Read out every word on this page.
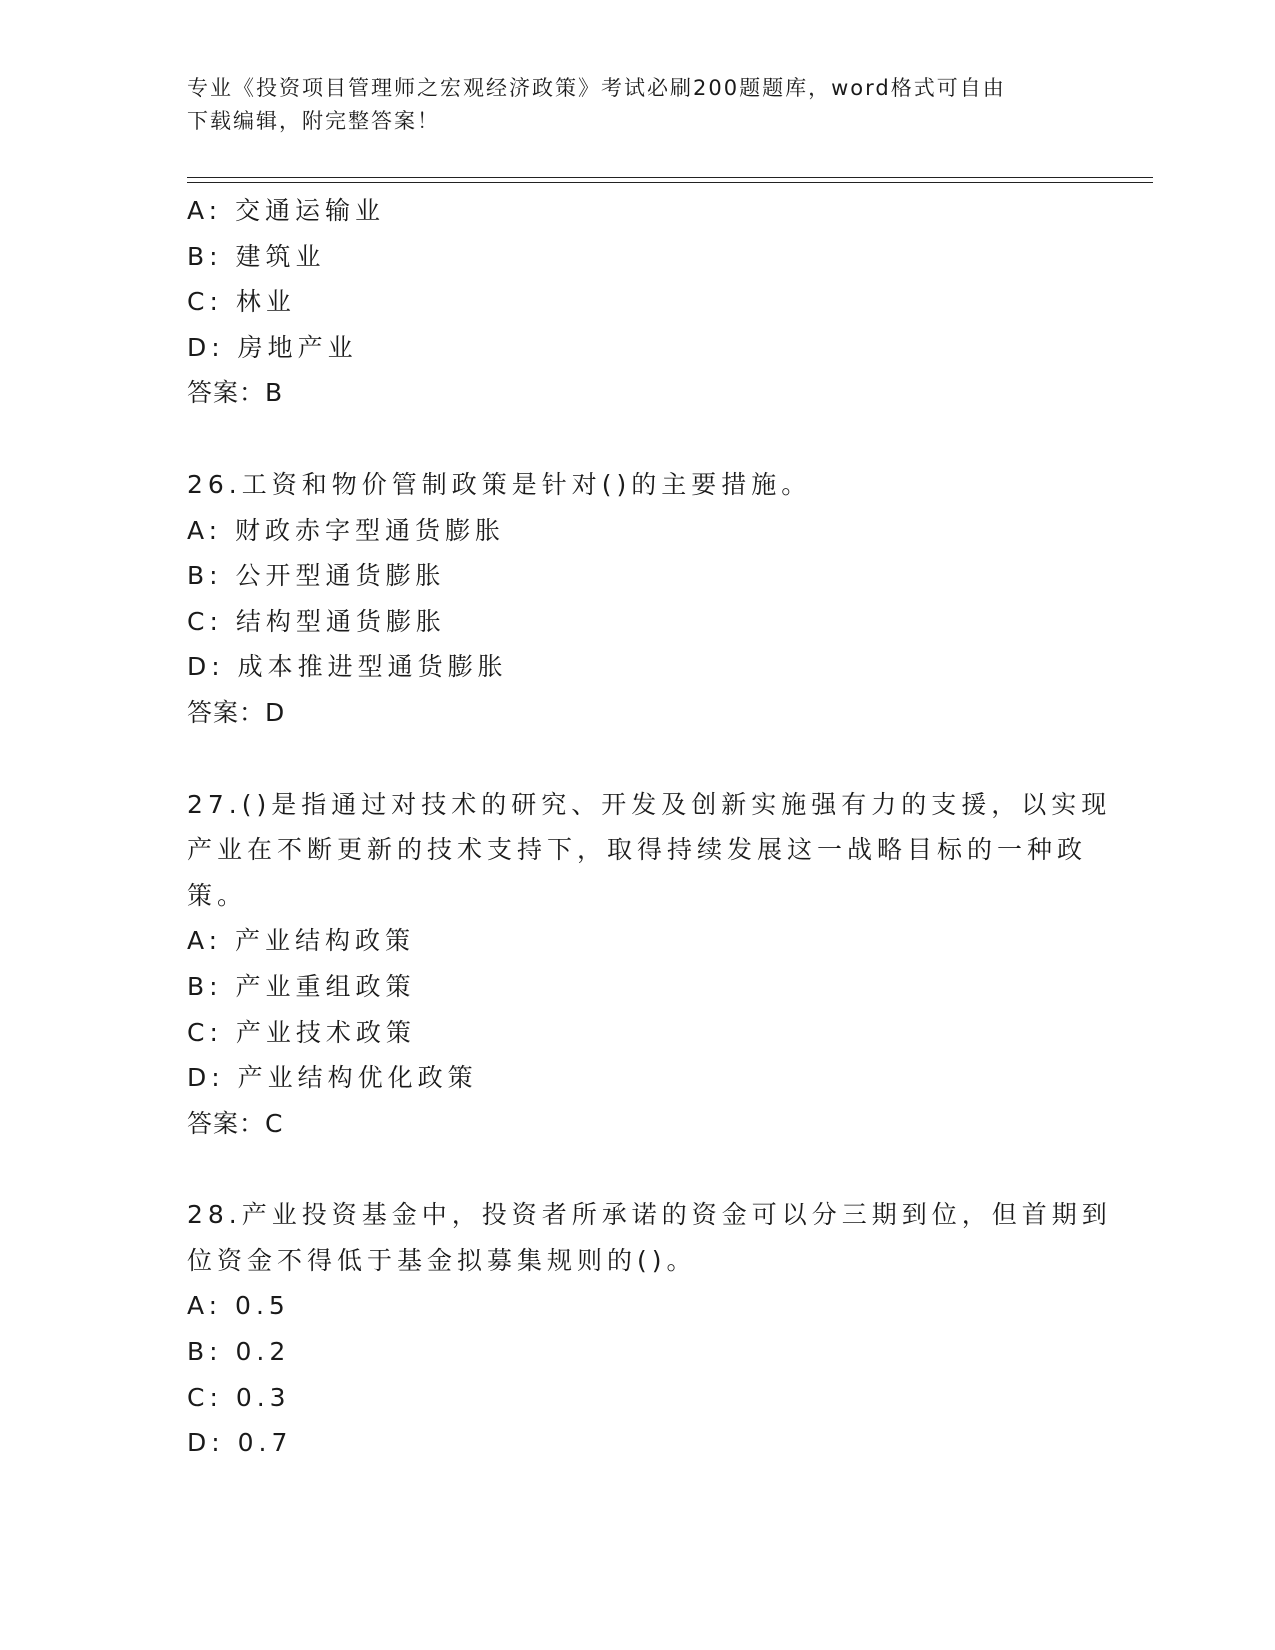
专业《投资项目管理师之宏观经济政策》考试必刷200题题库，word格式可自由
下载编辑，附完整答案！
A: 交通运输业
B: 建筑业
C: 林业
D: 房地产业
答案：B
26.工资和物价管制政策是针对()的主要措施。
A: 财政赤字型通货膨胀
B: 公开型通货膨胀
C: 结构型通货膨胀
D: 成本推进型通货膨胀
答案：D
27.()是指通过对技术的研究、开发及创新实施强有力的支援，以实现
产业在不断更新的技术支持下，取得持续发展这一战略目标的一种政
策。
A: 产业结构政策
B: 产业重组政策
C: 产业技术政策
D: 产业结构优化政策
答案：C
28.产业投资基金中，投资者所承诺的资金可以分三期到位，但首期到
位资金不得低于基金拟募集规则的()。
A: 0.5
B: 0.2
C: 0.3
D: 0.7
